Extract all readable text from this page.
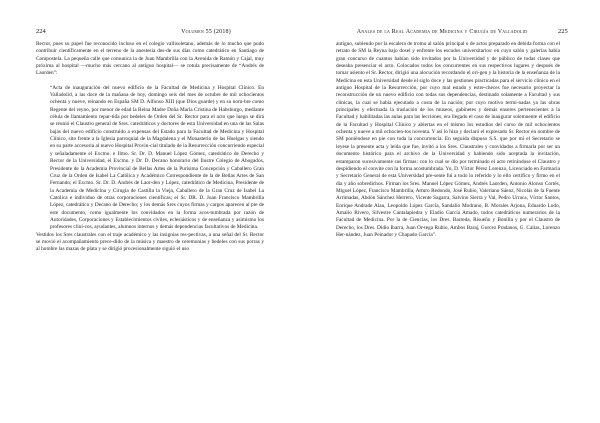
224	Volumen 55 (2018)

Rector, pues su papel fue reconocido incluso en el colegio vallisoletano, además de lo mucho que pudo contribuir científicamente en el terreno de la anestesia des-de sus días como catedrático en Santiago de Compostela. La pequeña calle que comunica la de Juan Mambrilla con la Avenida de Ramón y Cajal, muy próxima al hospital —mucho más cercano al antiguo hospital— se rotula precisamente de “Andrés de Laorden”:

“Acta de inauguración del nuevo edificio de la Facultad de Medicina y Hospital Clínico. En Valladolid, a las doce de la mañana de hoy, domingo seis del mes de octubre de mil ochocientos ochenta y nueve, reinando en España SM D. Alfonso XIII (que Dios guarde) y en su nom-bre como Regente del reyno, por menor de edad la Reina Madre Doña María Cristina de Habsburgo, mediante célula de llamamiento repar-tida por bedeles de Orden del Sr. Rector para el acto que luego se dirá se reunió el Claustro general de Sres. catedráticos y doctores de esta Universidad en una de las Salas bajas del nuevo edificio construido a expensas del Estado para la Facultad de Medicina y Hospital Clínico, sito frente a la Iglesia parroquial de la Magdalena y el Monasterio de las Huelgas y siendo en su parte accesoria al nuevo Hospital Provin-cial titulado de la Resurrección concurriendo especial y señaladamente el Excmo. e Ilmo. Sr. Dr. D. Manuel López Gómez, catedrático de Derecho y Rector de la Universidad, el Excmo. y Dr. D. Decano honorario del Ilustre Colegio de Abogados, Presidente de la Academia Provincial de Bellas Artes de la Purísima Concepción y Caballero Gran Cruz de la Orden de Isabel La Católica y Académico Correspondiente de la de Bellas Artes de San Fernando; el Excmo. Sr. Dr. D. Andrés de Laor-den y López, catedrático de Medicina, Presidente de la Academia de Medicina y Cirugía de Castilla la Vieja, Caballero de la Gran Cruz de Isabel La Católica e individuo de otras corporaciones científicas; el Sr. DR. D. Juan Francisco Mambrilla López, catedrático y Decano de Derecho; y los demás Sres cuyos firmas y cargos aparecen al pie de este documento, como igualmente los convidados en la forma acos-tumbrada por razón de Autoridades, Corporaciones y Establecimientos civiles, eclesiásticos y de enseñanza y asimismo los profesores clíni-cos, ayudantes, alumnos internos y demás dependencias facultativos de Medicina.

Vestidos los Sres claustrales con el traje académico y las insignias res-pectivas, a una señal del Sr. Rector se movió el acompañamiento prece-dido de la música y maestro de ceremonias y bedeles con sus porras y al hombre las mazas de plata y se dirigió procesionalmente siguió el uso

Anales de la Real Academia de Medicina y Cirugía de Valladolid	225

antiguo, subiendo por la escalera de tromo al salón principal o de actos preparado en debida forma con el retrato de SM la Reyna bajo dosel y enfrente los escudos universitarios: en cuyo salón y galerías había gran concurso de cuantos habían sido invitados por la Universidad y de público de todas clases que deseaba presenciar el acto. Colocados todos los concurrentes en sus respectivos lugares y después de tomar asiento el Sr. Rector, dirigió una alocución recordando el ori-gen y la historia de la enseñanza de la Medicina en esta Universidad desde el siglo doce y las gestiones practicadas para el servicio clínico en el antiguo Hospital de la Resurrección, por cuyo mal estado y estre-checes fue necesario proyectar la reconstrucción de un nuevo edificio con todas sus dependencias, destinado solamente a Facultad y sus clínicas, la cual se había ejecutado a costa de la nación; por cuyo motivo termi-nadas ya las obras principales y efectuada la traslación de los museos, gabinetes y demás enseres pertenecientes a la Facultad y habilitadas las aulas para las lecciones, era llegado el caso de inaugurar solemnente el edificio de la Facultad y Hospital Clínico y abiertas en el mismo los estudios del curso de mil ochocientos ochenta y nueve a mil ochocien-tos noventa. Y así lo hizo y declaró el expresado Sr. Rector en nombre de SM poniéndose en pie con toda la concurrencia. En seguida dispuso S.S. que por mí el Secretario se leyese la presente acta y leída que fue, invitó a los Sres. Claustrales y convidados a firmarla por ser un documento histórico para el archivo de la Universidad y habiendo sido aceptada la invitación, estamparon sucesivamente sus firmas: con lo cual se dio por terminado el acto retirándose el Claustro y despidiendo el convite con la forma acostumbrada. Yo, D. Víctor Pérez Lorenzo, Licenciado en Farmacia y Secretario General de esta Universidad pre-sente fui a todo lo referido y lo ello certifico y firmo en el día y año sobredichos. Firman los Sres. Manuel López Gómez, Andrés Laorden, Antonio Alonso Cortés, Miguel López, Francisco Mambrilla, Arturo Redondo, José Rubio, Valeriano Sáenz, Nicolás de la Fuente Arrimadas, Abdón Sánchez Herrero, Vicente Sagarra, Salvino Sierra y Val, Pedro Urraca, Víctor Santos, Enrique Andrade Alau, Leopoldo López García, Sandalio Modrano, B. Morales Arjona, Eduardo Lodo, Amalio Rivero, Silvestre Cantalapiedra y Eladio García Amado, todos catedráticos numerarios de la Facultad de Medicina. Por la de Ciencias, los Dres. Barreda, Risueño y Bonilla y por el Claustro de Derecho, los Dres. Didio Ibarra, Juan Or-tega Rubio, Ambos Baraj, Gorcez Pradanos, G. Calias, Lorenzo Her-nández, Juan Peinador y Chapado García”.
